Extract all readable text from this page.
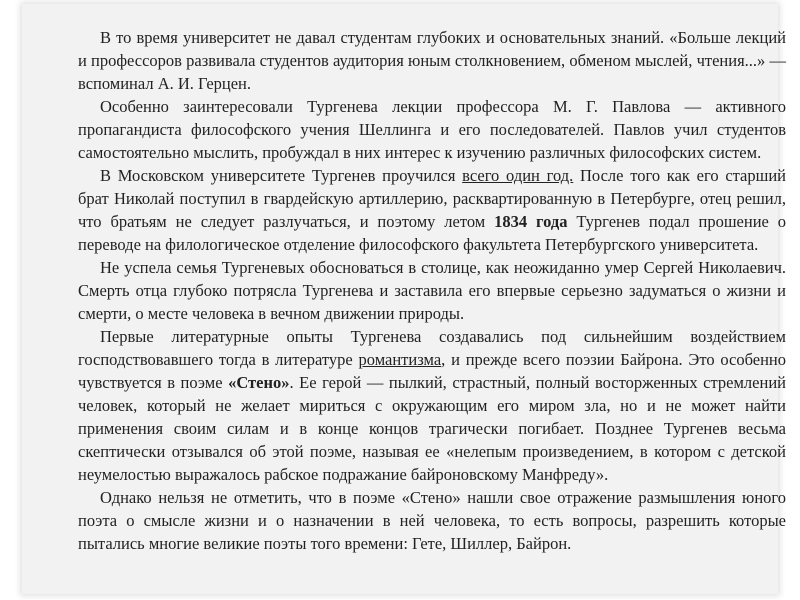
В то время университет не давал студентам глубоких и основательных знаний. «Больше лекций и профессоров развивала студентов аудитория юным столкновением, обменом мыслей, чтения...» — вспоминал А. И. Герцен.

Особенно заинтересовали Тургенева лекции профессора М. Г. Павлова — активного пропагандиста философского учения Шеллинга и его последователей. Павлов учил студентов самостоятельно мыслить, пробуждал в них интерес к изучению различных философских систем.

В Московском университете Тургенев проучился всего один год. После того как его старший брат Николай поступил в гвардейскую артиллерию, расквартированную в Петербурге, отец решил, что братьям не следует разлучаться, и поэтому летом 1834 года Тургенев подал прошение о переводе на филологическое отделение философского факультета Петербургского университета.

Не успела семья Тургеневых обосноваться в столице, как неожиданно умер Сергей Николаевич. Смерть отца глубоко потрясла Тургенева и заставила его впервые серьезно задуматься о жизни и смерти, о месте человека в вечном движении природы.

Первые литературные опыты Тургенева создавались под сильнейшим воздействием господствовавшего тогда в литературе романтизма, и прежде всего поэзии Байрона. Это особенно чувствуется в поэме «Стено». Ее герой — пылкий, страстный, полный восторженных стремлений человек, который не желает мириться с окружающим его миром зла, но и не может найти применения своим силам и в конце концов трагически погибает. Позднее Тургенев весьма скептически отзывался об этой поэме, называя ее «нелепым произведением, в котором с детской неумелостью выражалось рабское подражание байроновскому Манфреду».

Однако нельзя не отметить, что в поэме «Стено» нашли свое отражение размышления юного поэта о смысле жизни и о назначении в ней человека, то есть вопросы, разрешить которые пытались многие великие поэты того времени: Гете, Шиллер, Байрон.
